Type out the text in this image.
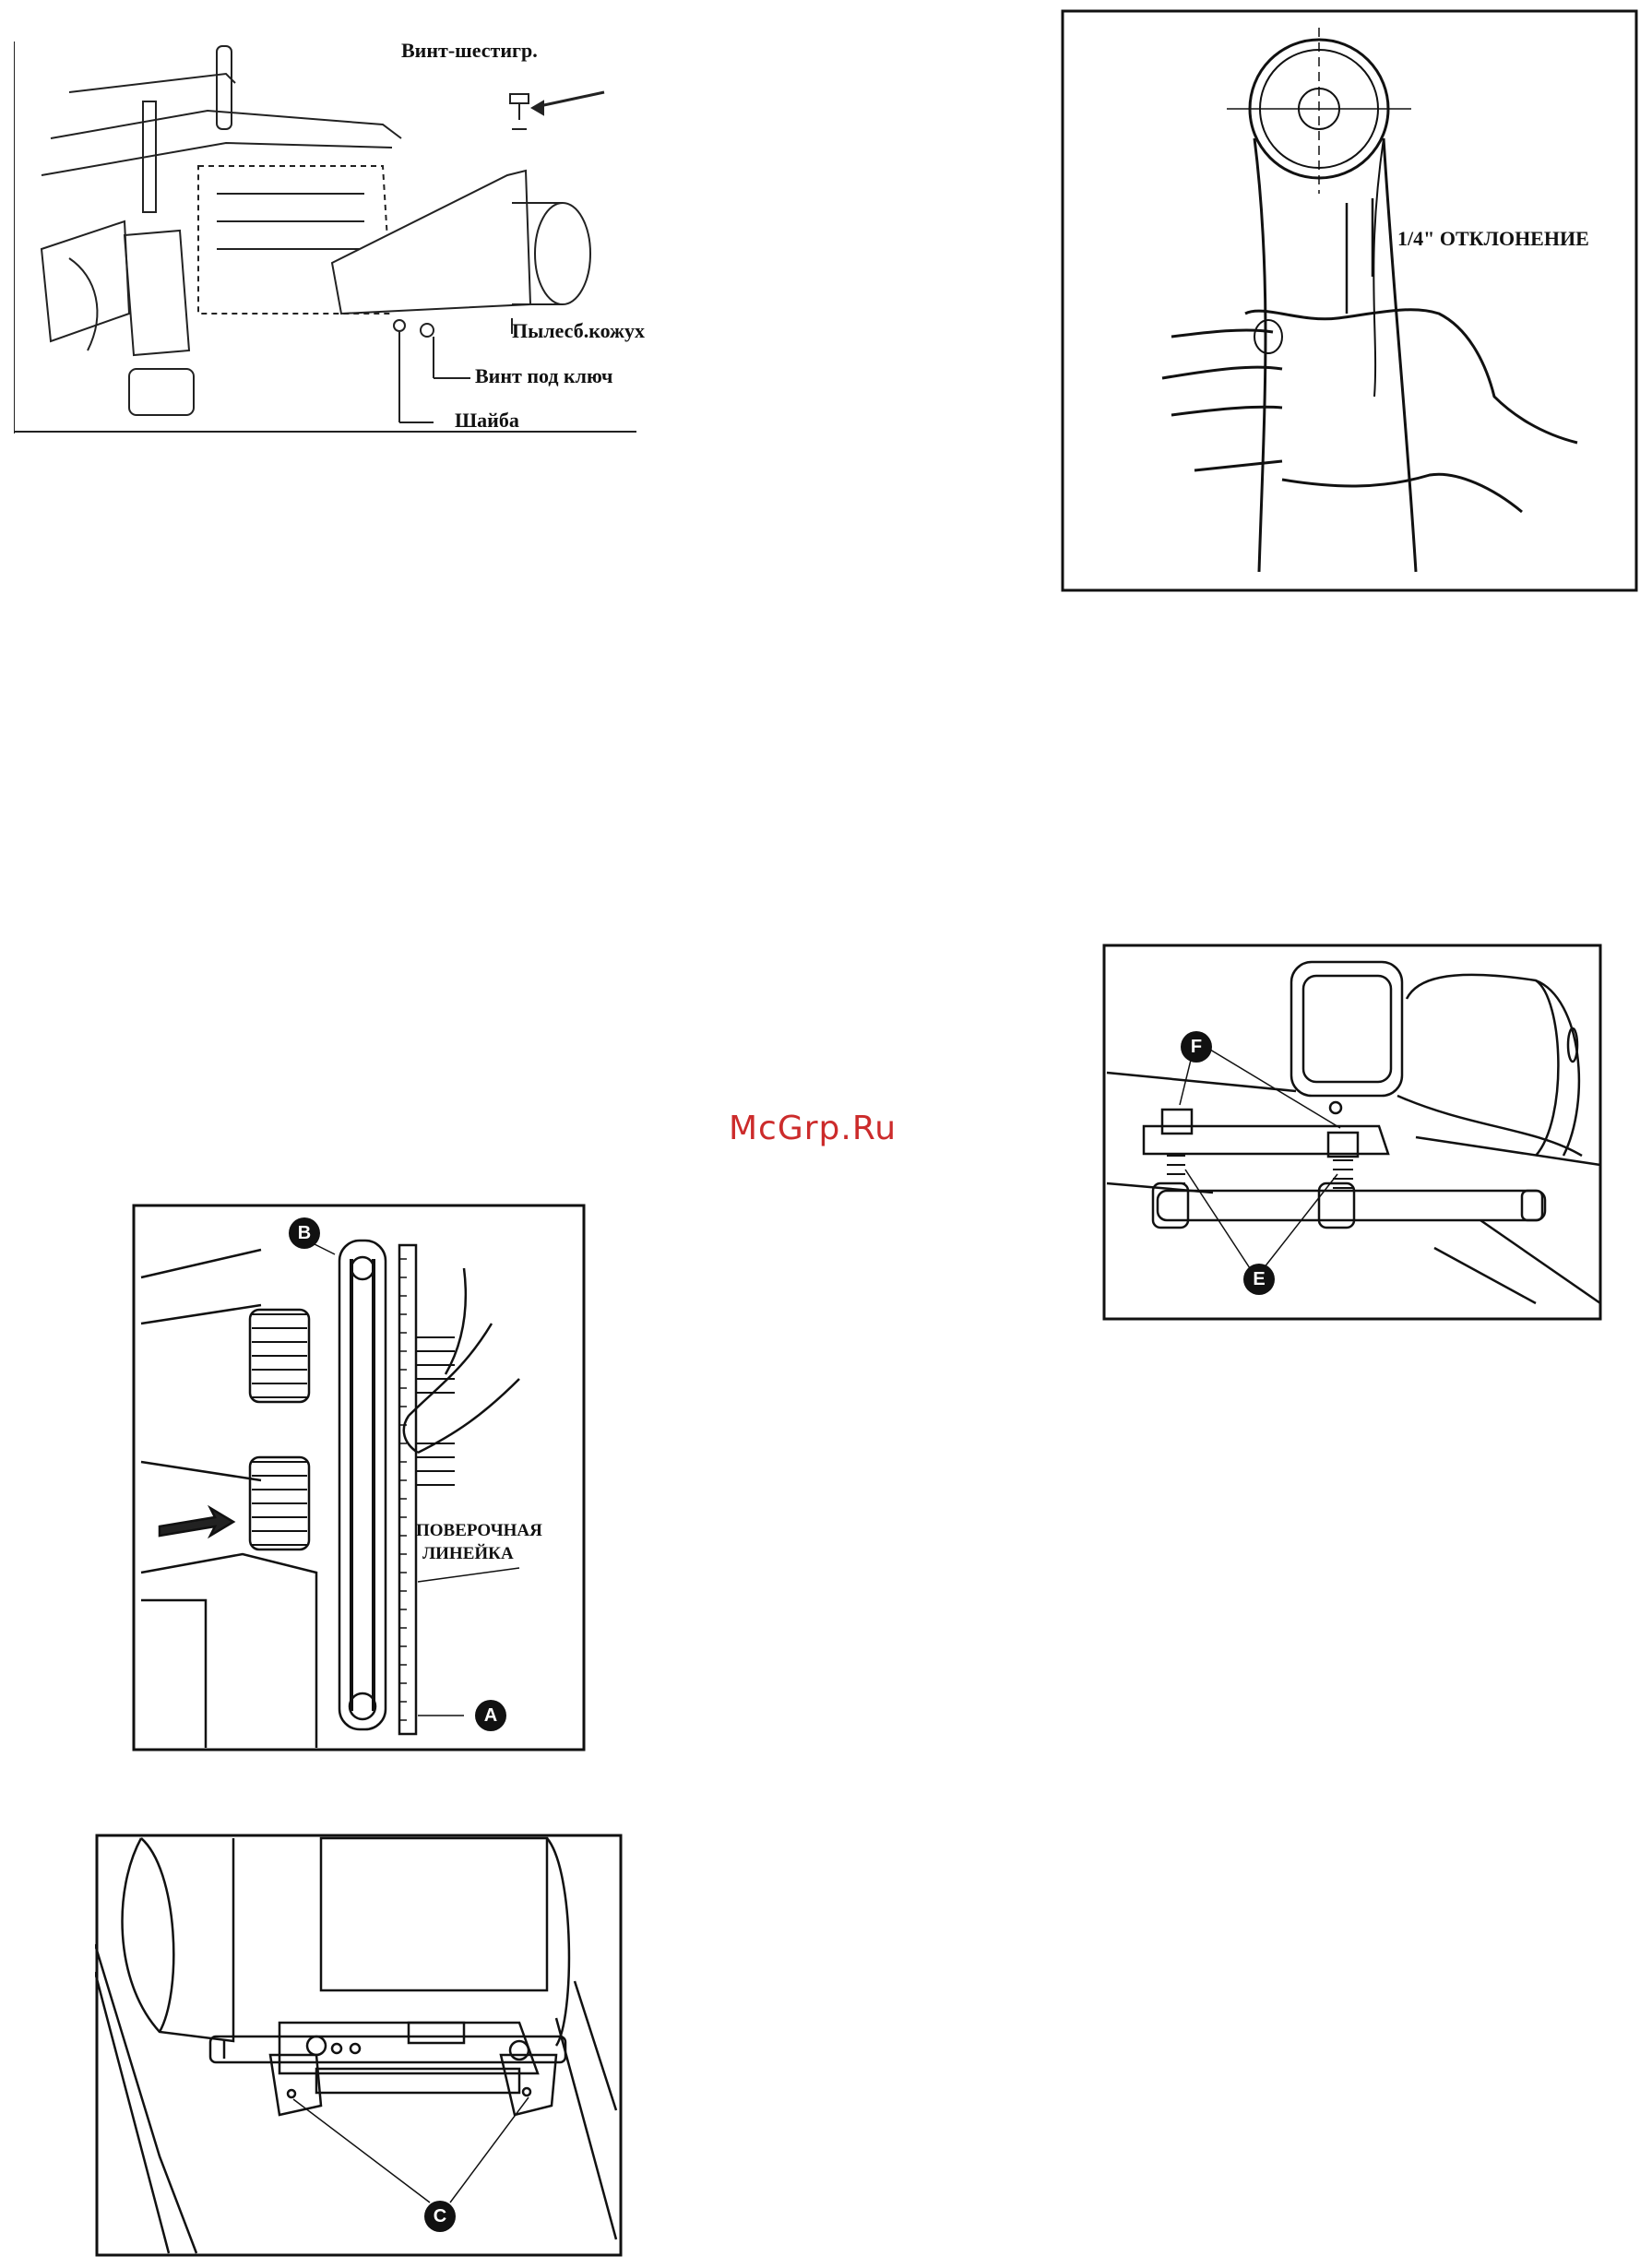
Винт-шестигр.
Пылесб.кожух
Винт под ключ
Шайба
1/4" ОТКЛОНЕНИЕ
McGrp.Ru
B
A
ПОВЕРОЧНАЯ
ЛИНЕЙКА
C
F
E
